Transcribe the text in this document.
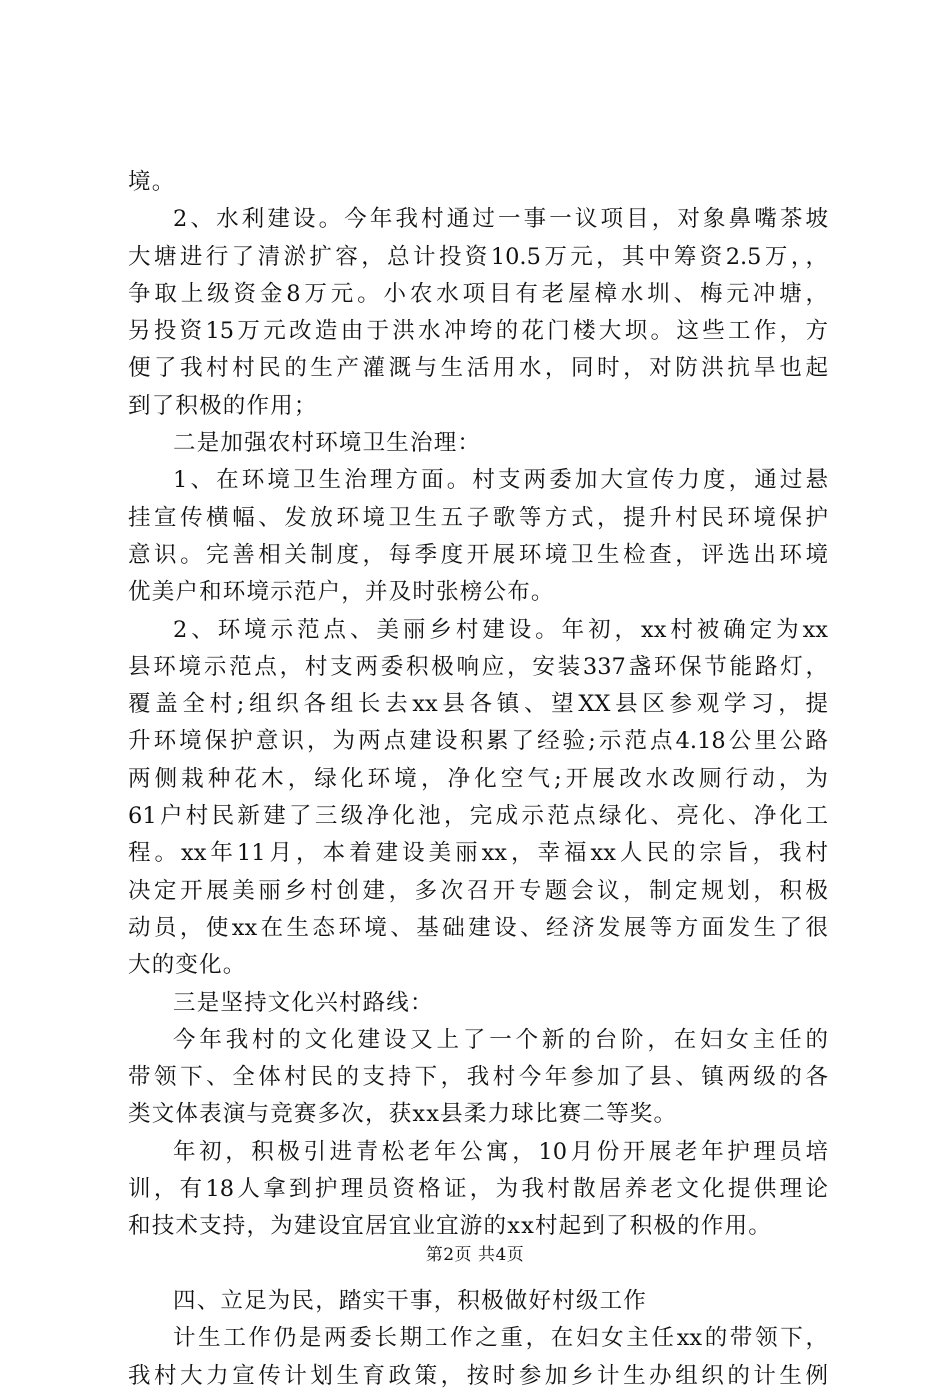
境。
2、水利建设。今年我村通过一事一议项目，对象鼻嘴茶坡
大塘进行了清淤扩容，总计投资10.5万元，其中筹资2.5万，，
争取上级资金8万元。小农水项目有老屋樟水圳、梅元冲塘，
另投资15万元改造由于洪水冲垮的花门楼大坝。这些工作，方
便了我村村民的生产灌溉与生活用水，同时，对防洪抗旱也起
到了积极的作用；
二是加强农村环境卫生治理：
1、在环境卫生治理方面。村支两委加大宣传力度，通过悬
挂宣传横幅、发放环境卫生五子歌等方式，提升村民环境保护
意识。完善相关制度，每季度开展环境卫生检查，评选出环境
优美户和环境示范户，并及时张榜公布。
2、环境示范点、美丽乡村建设。年初，xx村被确定为xx
县环境示范点，村支两委积极响应，安装337盏环保节能路灯，
覆盖全村;组织各组长去xx县各镇、望XX县区参观学习，提
升环境保护意识，为两点建设积累了经验;示范点4.18公里公路
两侧栽种花木，绿化环境，净化空气;开展改水改厕行动，为
61户村民新建了三级净化池，完成示范点绿化、亮化、净化工
程。xx年11月，本着建设美丽xx，幸福xx人民的宗旨，我村
决定开展美丽乡村创建，多次召开专题会议，制定规划，积极
动员，使xx在生态环境、基础建设、经济发展等方面发生了很
大的变化。
三是坚持文化兴村路线：
今年我村的文化建设又上了一个新的台阶，在妇女主任的
带领下、全体村民的支持下，我村今年参加了县、镇两级的各
类文体表演与竞赛多次，获xx县柔力球比赛二等奖。
年初，积极引进青松老年公寓，10月份开展老年护理员培
训，有18人拿到护理员资格证，为我村散居养老文化提供理论
和技术支持，为建设宜居宜业宜游的xx村起到了积极的作用。
四、立足为民，踏实干事，积极做好村级工作
计生工作仍是两委长期工作之重，在妇女主任xx的带领下，
我村大力宣传计划生育政策，按时参加乡计生办组织的计生例
第2页 共4页
